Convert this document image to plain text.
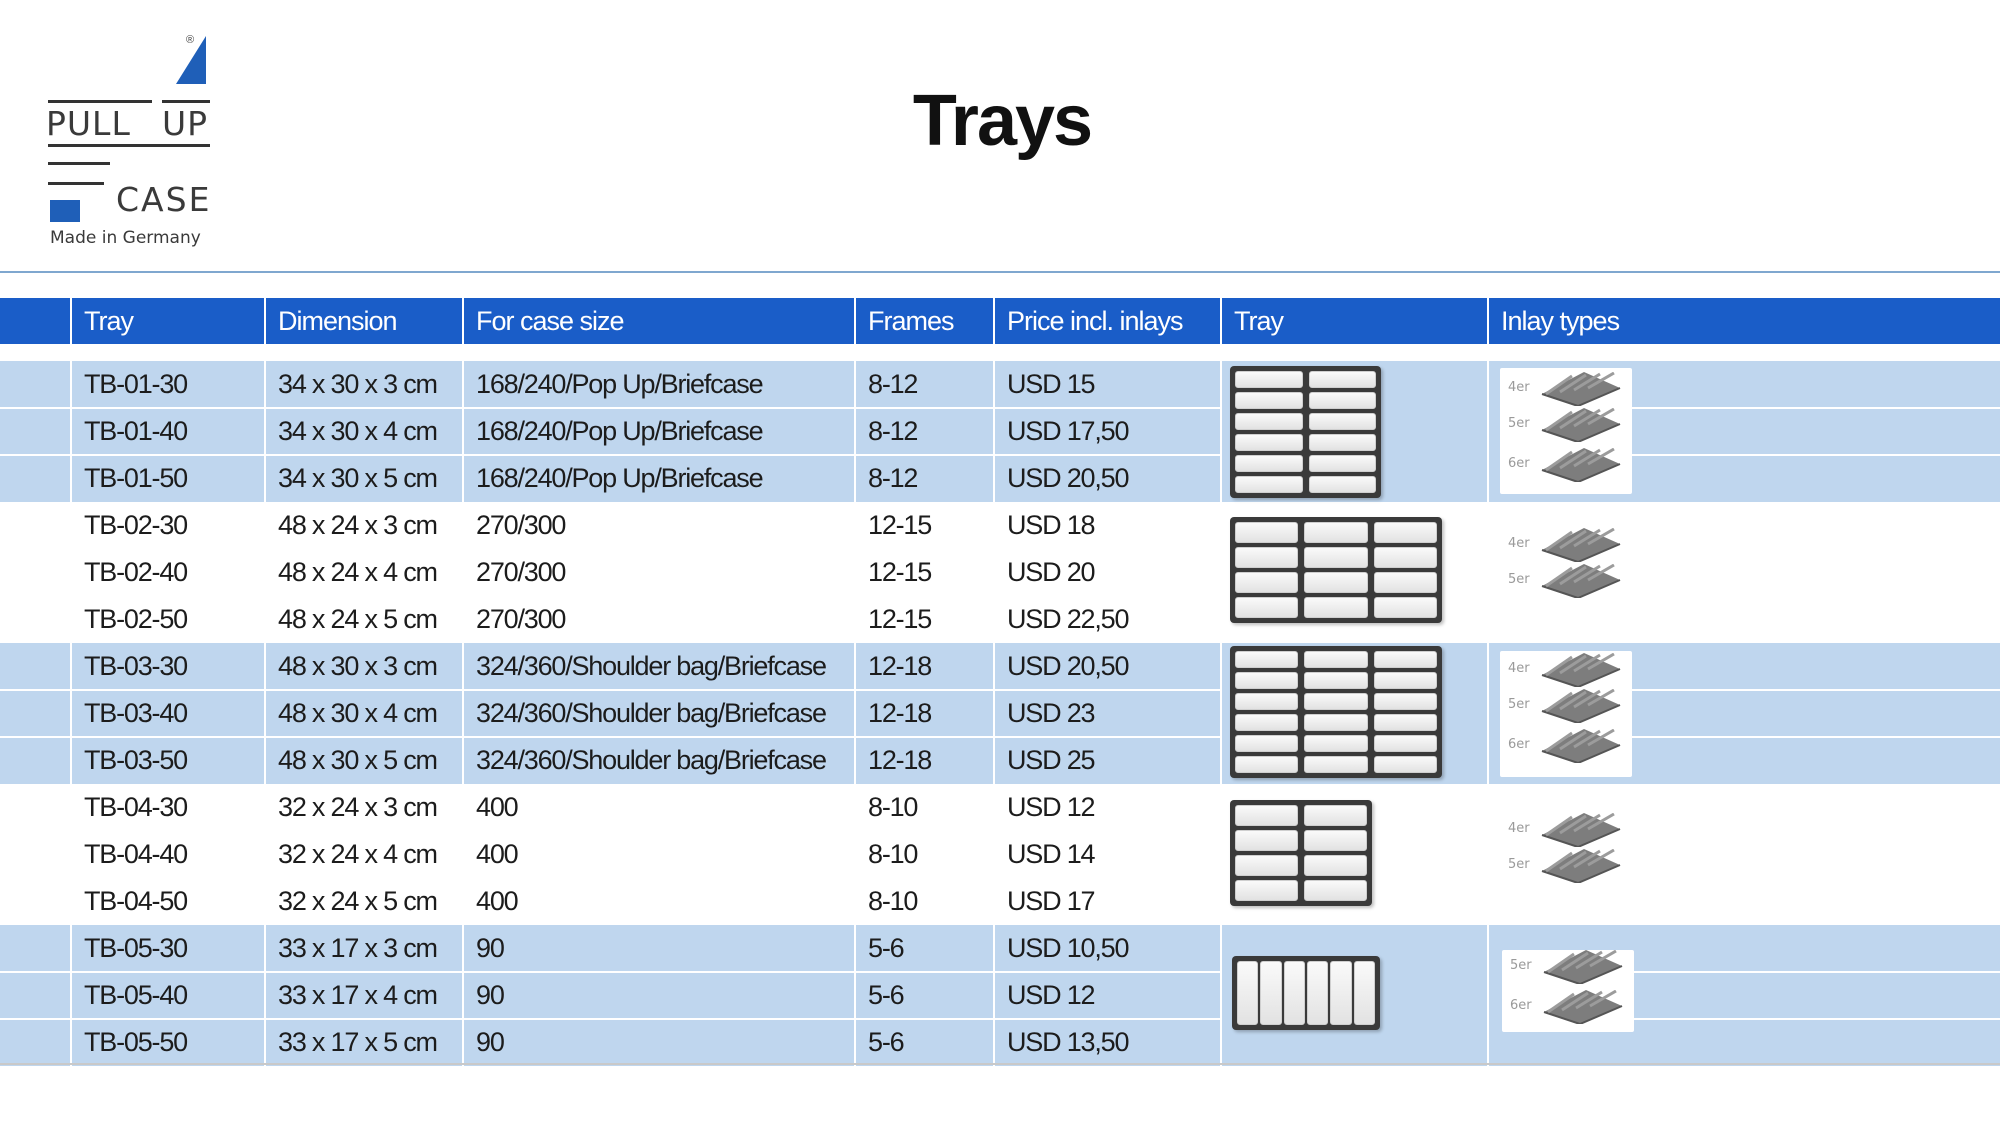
®
PULL UP
CASE
Made in Germany
Trays
Tray	Dimension	For case size	Frames	Price incl. inlays	Tray	Inlay types
TB-01-30	34 x 30 x 3 cm	168/240/Pop Up/Briefcase	8-12	USD 15
TB-01-40	34 x 30 x 4 cm	168/240/Pop Up/Briefcase	8-12	USD 17,50
TB-01-50	34 x 30 x 5 cm	168/240/Pop Up/Briefcase	8-12	USD 20,50
TB-02-30	48 x 24 x 3 cm	270/300	12-15	USD 18
TB-02-40	48 x 24 x 4 cm	270/300	12-15	USD 20
TB-02-50	48 x 24 x 5 cm	270/300	12-15	USD 22,50
TB-03-30	48 x 30 x 3 cm	324/360/Shoulder bag/Briefcase	12-18	USD 20,50
TB-03-40	48 x 30 x 4 cm	324/360/Shoulder bag/Briefcase	12-18	USD 23
TB-03-50	48 x 30 x 5 cm	324/360/Shoulder bag/Briefcase	12-18	USD 25
TB-04-30	32 x 24 x 3 cm	400	8-10	USD 12
TB-04-40	32 x 24 x 4 cm	400	8-10	USD 14
TB-04-50	32 x 24 x 5 cm	400	8-10	USD 17
TB-05-30	33 x 17 x 3 cm	90	5-6	USD 10,50
TB-05-40	33 x 17 x 4 cm	90	5-6	USD 12
TB-05-50	33 x 17 x 5 cm	90	5-6	USD 13,50
4er
5er
6er
4er
5er
4er
5er
6er
4er
5er
5er
6er
